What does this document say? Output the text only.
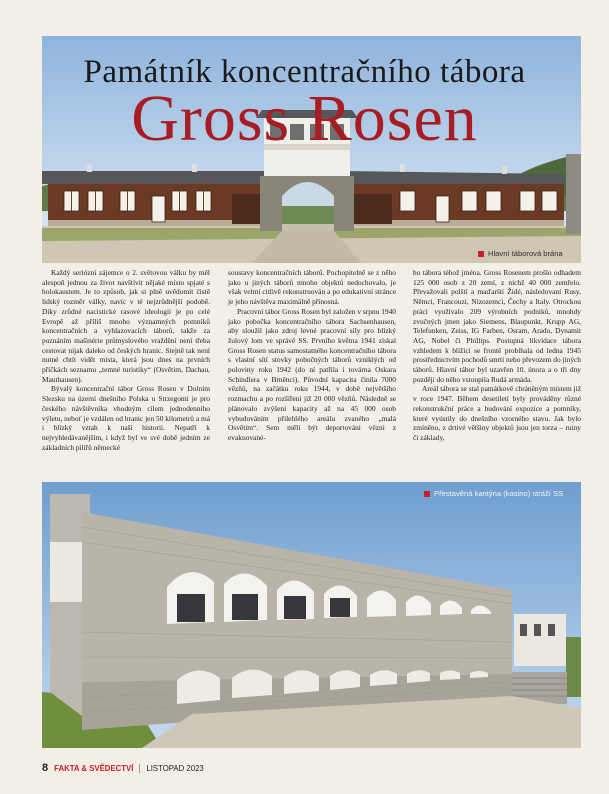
Památník koncentračního tábora
Gross Rosen
Hlavní táborová brána

Každý seriózní zájemce o 2. světovou válku by měl alespoň jednou za život navštívit nějaké místo spjaté s holokaustem. Je to způsob, jak si plně uvědomit čistě lidský rozměr války, navíc v té nejzrůdnější podobě. Díky zrůdné nacistické rasové ideologii je po celé Evropě až příliš mnoho významných pomníků koncentračních a vyhlazovacích táborů, takže za poznáním mašinérie průmyslového vraždění není třeba cestovat nijak daleko od českých hranic. Stejně tak není nutné chtít vidět místa, která jsou dnes na prvních příčkách seznamu „temné turistiky“ (Osvětim, Dachau, Mauthausen).

Bývalý koncentrační tábor Gross Rosen v Dolním Slezsku na území dnešního Polska u Strzegomi je pro českého návštěvníka vhodným cílem jednodenního výletu, neboť je vzdálen od hranic jen 50 kilometrů a má i blízký vztah k naší historii. Nepatří k nejvyhledávanějším, i když byl ve své době jedním ze základních pilířů německé

soustavy koncentračních táborů. Pochopitelně se z něho jako u jiných táborů mnoho objektů nedochovalo, je však velmi citlivě rekonstruován a po edukativní stránce je jeho návštěva maximálně přínosná.

Pracovní tábor Gross Rosen byl založen v srpnu 1940 jako pobočka koncentračního tábora Sachsenhausen, aby sloužil jako zdroj levné pracovní síly pro blízký žulový lom ve správě SS. Prvního května 1941 získal Gross Rosen status samostatného koncentračního tábora s vlastní sítí stovky pobočných táborů vzniklých od poloviny roku 1942 (do ní patřila i továrna Oskara Schindlera v Brněnci). Původní kapacita činila 7000 vězňů, na začátku roku 1944, v době největšího rozmachu a po rozšíření již 20 000 vězňů. Následně se plánovalo zvýšení kapacity až na 45 000 osob vybudováním přilehlého areálu zvaného „malá Osvětim“. Sem měli být deportováni vězni z evakuované-

ho tábora téhož jména. Gross Rosenem prošlo odhadem 125 000 osob z 20 zemí, z nichž 40 000 zemřelo. Převažovali polští a maďarští Židé, následovaní Rusy, Němci, Francouzi, Nizozemci, Čechy a Italy. Otrockou práci využívalo 209 výrobních podniků, mnohdy zvučných jmen jako Siemens, Blaupunkt, Krupp AG, Telefunken, Zeiss, IG Farben, Osram, Arado, Dynamit AG, Nobel či Phillips. Postupná likvidace tábora vzhledem k blížící se frontě probíhala od ledna 1945 prostřednictvím pochodů smrti nebo převozem do jiných táborů. Hlavní tábor byl uzavřen 10. února a o tři dny později do něho vstoupila Rudá armáda.

Areál tábora se stal památkově chráněným místem již v roce 1947. Během desetiletí byly prováděny různé rekonstrukční práce a budování expozice a pomníky, které vyústily do dnešního vzorného stavu. Jak bylo zmíněno, z drtivé většiny objektů jsou jen torza – ruiny či základy,

Přestavěná kantýna (kasino) stráží SS
8 FAKTA & SVĚDECTVÍ LISTOPAD 2023
